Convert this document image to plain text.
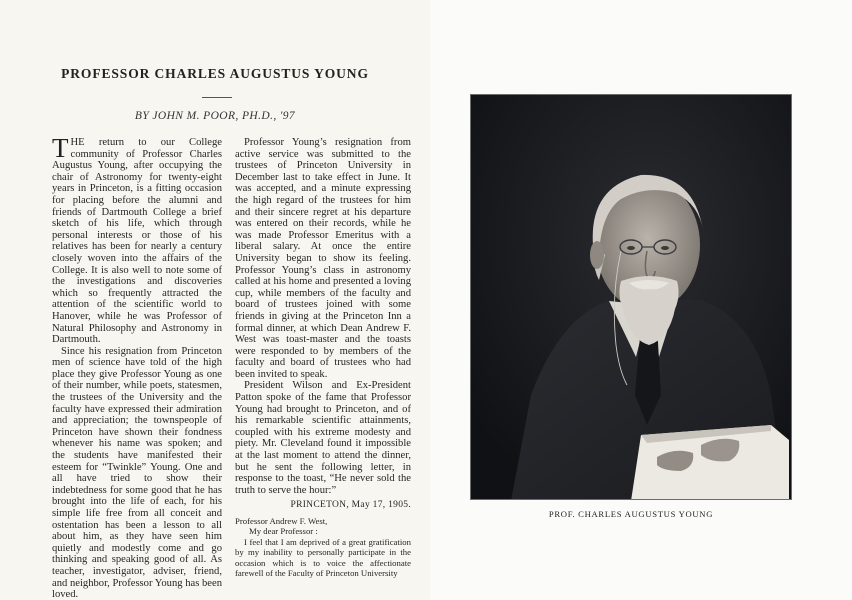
PROFESSOR CHARLES AUGUSTUS YOUNG
BY JOHN M. POOR, PH.D., '97

THE return to our College community of Professor Charles Augustus Young, after occupying the chair of Astronomy for twenty-eight years in Princeton, is a fitting occasion for placing before the alumni and friends of Dartmouth College a brief sketch of his life, which through personal interests or those of his relatives has been for nearly a century closely woven into the affairs of the College. It is also well to note some of the investigations and discoveries which so frequently attracted the attention of the scientific world to Hanover, while he was Professor of Natural Philosophy and Astronomy in Dartmouth.

Since his resignation from Princeton men of science have told of the high place they give Professor Young as one of their number, while poets, statesmen, the trustees of the University and the faculty have expressed their admiration and appreciation; the townspeople of Princeton have shown their fondness whenever his name was spoken; and the students have manifested their esteem for “Twinkle” Young. One and all have tried to show their indebtedness for some good that he has brought into the life of each, for his simple life free from all conceit and ostentation has been a lesson to all about him, as they have seen him quietly and modestly come and go thinking and speaking good of all. As teacher, investigator, adviser, friend, and neighbor, Professor Young has been loved.

Professor Young’s resignation from active service was submitted to the trustees of Princeton University in December last to take effect in June. It was accepted, and a minute expressing the high regard of the trustees for him and their sincere regret at his departure was entered on their records, while he was made Professor Emeritus with a liberal salary. At once the entire University began to show its feeling. Professor Young’s class in astronomy called at his home and presented a loving cup, while members of the faculty and board of trustees joined with some friends in giving at the Princeton Inn a formal dinner, at which Dean Andrew F. West was toast-master and the toasts were responded to by members of the faculty and board of trustees who had been invited to speak.

President Wilson and Ex-President Patton spoke of the fame that Professor Young had brought to Princeton, and of his remarkable scientific attainments, coupled with his extreme modesty and piety. Mr. Cleveland found it impossible at the last moment to attend the dinner, but he sent the following letter, in response to the toast, “He never sold the truth to serve the hour:”

PRINCETON, May 17, 1905.

Professor Andrew F. West,

My dear Professor :

I feel that I am deprived of a great gratification by my inability to personally participate in the occasion which is to voice the affectionate farewell of the Faculty of Princeton University

PROF. CHARLES AUGUSTUS YOUNG
